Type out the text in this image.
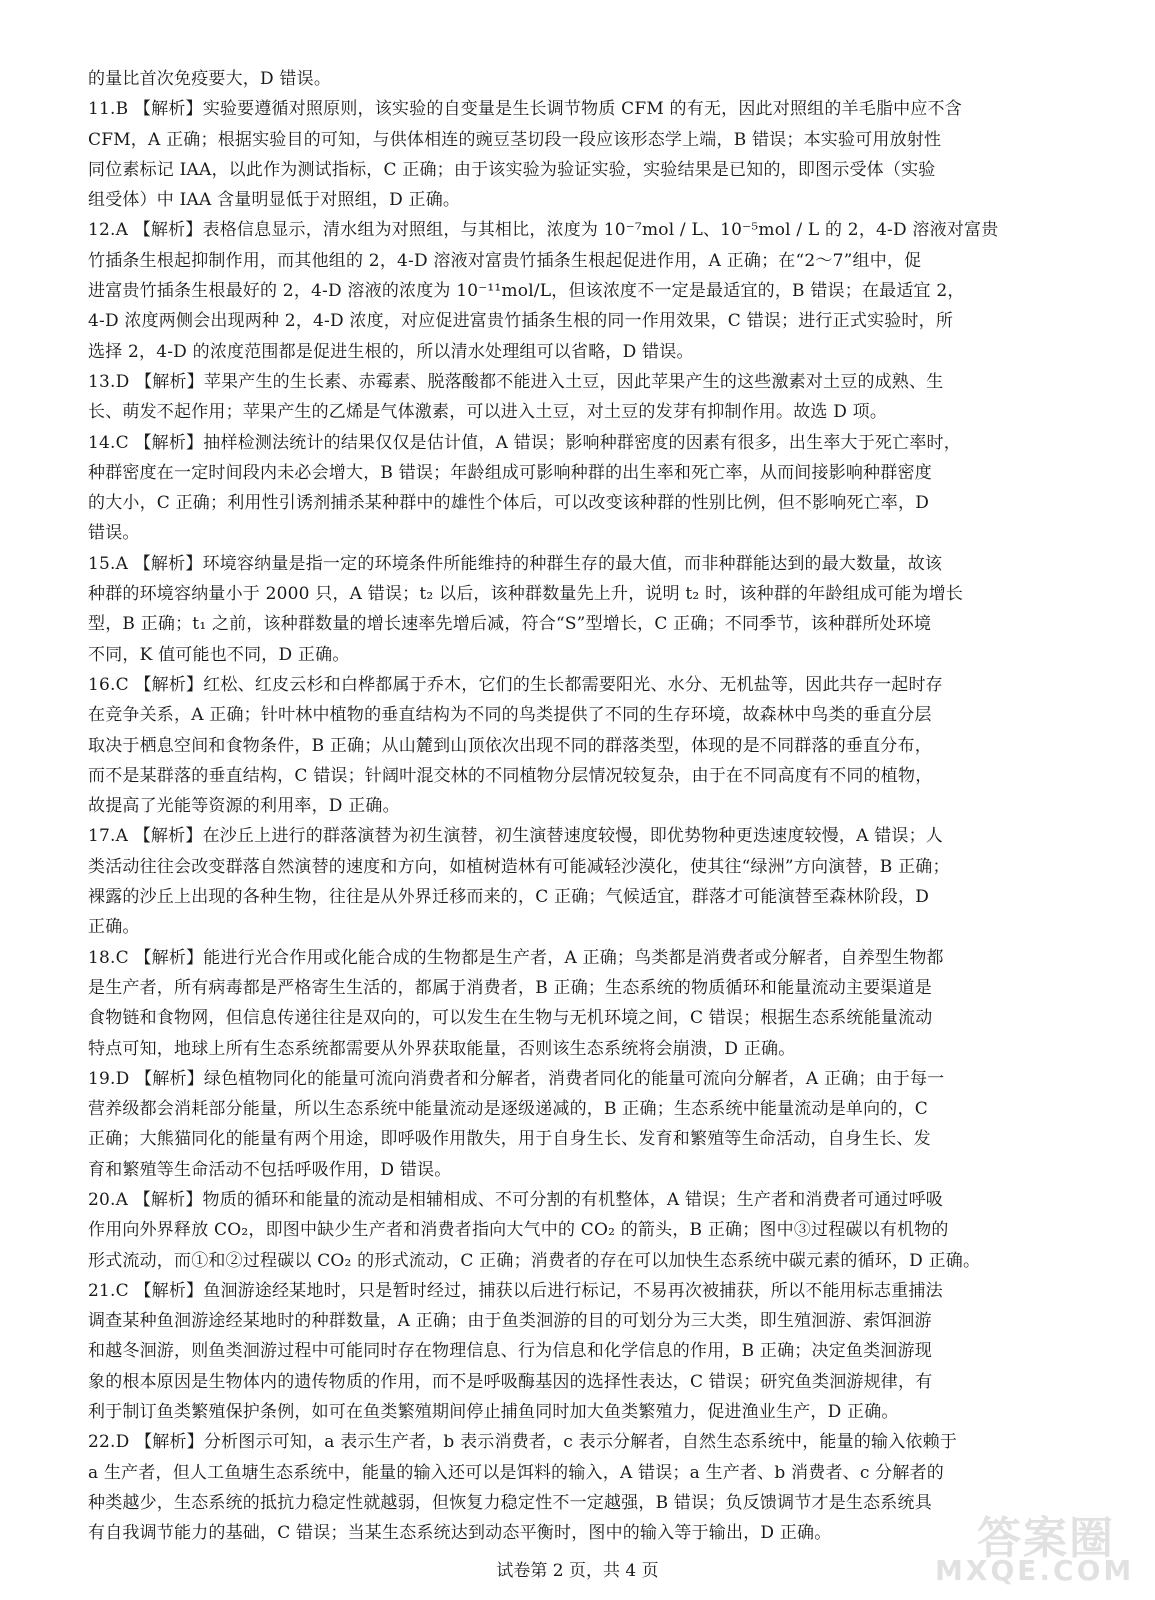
的量比首次免疫要大，D 错误。
11.B 【解析】实验要遵循对照原则，该实验的自变量是生长调节物质 CFM 的有无，因此对照组的羊毛脂中应不含
CFM，A 正确；根据实验目的可知，与供体相连的豌豆茎切段一段应该形态学上端，B 错误；本实验可用放射性
同位素标记 IAA，以此作为测试指标，C 正确；由于该实验为验证实验，实验结果是已知的，即图示受体（实验
组受体）中 IAA 含量明显低于对照组，D 正确。
12.A 【解析】表格信息显示，清水组为对照组，与其相比，浓度为 10⁻⁷mol / L、10⁻⁵mol / L 的 2，4-D 溶液对富贵
竹插条生根起抑制作用，而其他组的 2，4-D 溶液对富贵竹插条生根起促进作用，A 正确；在“2～7”组中，促
进富贵竹插条生根最好的 2，4-D 溶液的浓度为 10⁻¹¹mol/L，但该浓度不一定是最适宜的，B 错误；在最适宜 2，
4-D 浓度两侧会出现两种 2，4-D 浓度，对应促进富贵竹插条生根的同一作用效果，C 错误；进行正式实验时，所
选择 2，4-D 的浓度范围都是促进生根的，所以清水处理组可以省略，D 错误。
13.D 【解析】苹果产生的生长素、赤霉素、脱落酸都不能进入土豆，因此苹果产生的这些激素对土豆的成熟、生
长、萌发不起作用；苹果产生的乙烯是气体激素，可以进入土豆，对土豆的发芽有抑制作用。故选 D 项。
14.C 【解析】抽样检测法统计的结果仅仅是估计值，A 错误；影响种群密度的因素有很多，出生率大于死亡率时，
种群密度在一定时间段内未必会增大，B 错误；年龄组成可影响种群的出生率和死亡率，从而间接影响种群密度
的大小，C 正确；利用性引诱剂捕杀某种群中的雄性个体后，可以改变该种群的性别比例，但不影响死亡率，D
错误。
15.A 【解析】环境容纳量是指一定的环境条件所能维持的种群生存的最大值，而非种群能达到的最大数量，故该
种群的环境容纳量小于 2000 只，A 错误；t₂ 以后，该种群数量先上升，说明 t₂ 时，该种群的年龄组成可能为增长
型，B 正确；t₁ 之前，该种群数量的增长速率先增后减，符合“S”型增长，C 正确；不同季节，该种群所处环境
不同，K 值可能也不同，D 正确。
16.C 【解析】红松、红皮云杉和白桦都属于乔木，它们的生长都需要阳光、水分、无机盐等，因此共存一起时存
在竞争关系，A 正确；针叶林中植物的垂直结构为不同的鸟类提供了不同的生存环境，故森林中鸟类的垂直分层
取决于栖息空间和食物条件，B 正确；从山麓到山顶依次出现不同的群落类型，体现的是不同群落的垂直分布，
而不是某群落的垂直结构，C 错误；针阔叶混交林的不同植物分层情况较复杂，由于在不同高度有不同的植物，
故提高了光能等资源的利用率，D 正确。
17.A 【解析】在沙丘上进行的群落演替为初生演替，初生演替速度较慢，即优势物种更迭速度较慢，A 错误；人
类活动往往会改变群落自然演替的速度和方向，如植树造林有可能减轻沙漠化，使其往“绿洲”方向演替，B 正确；
裸露的沙丘上出现的各种生物，往往是从外界迁移而来的，C 正确；气候适宜，群落才可能演替至森林阶段，D
正确。
18.C 【解析】能进行光合作用或化能合成的生物都是生产者，A 正确；鸟类都是消费者或分解者，自养型生物都
是生产者，所有病毒都是严格寄生生活的，都属于消费者，B 正确；生态系统的物质循环和能量流动主要渠道是
食物链和食物网，但信息传递往往是双向的，可以发生在生物与无机环境之间，C 错误；根据生态系统能量流动
特点可知，地球上所有生态系统都需要从外界获取能量，否则该生态系统将会崩溃，D 正确。
19.D 【解析】绿色植物同化的能量可流向消费者和分解者，消费者同化的能量可流向分解者，A 正确；由于每一
营养级都会消耗部分能量，所以生态系统中能量流动是逐级递减的，B 正确；生态系统中能量流动是单向的，C
正确；大熊猫同化的能量有两个用途，即呼吸作用散失，用于自身生长、发育和繁殖等生命活动，自身生长、发
育和繁殖等生命活动不包括呼吸作用，D 错误。
20.A 【解析】物质的循环和能量的流动是相辅相成、不可分割的有机整体，A 错误；生产者和消费者可通过呼吸
作用向外界释放 CO₂，即图中缺少生产者和消费者指向大气中的 CO₂ 的箭头，B 正确；图中③过程碳以有机物的
形式流动，而①和②过程碳以 CO₂ 的形式流动，C 正确；消费者的存在可以加快生态系统中碳元素的循环，D 正确。
21.C 【解析】鱼洄游途经某地时，只是暂时经过，捕获以后进行标记，不易再次被捕获，所以不能用标志重捕法
调查某种鱼洄游途经某地时的种群数量，A 正确；由于鱼类洄游的目的可划分为三大类，即生殖洄游、索饵洄游
和越冬洄游，则鱼类洄游过程中可能同时存在物理信息、行为信息和化学信息的作用，B 正确；决定鱼类洄游现
象的根本原因是生物体内的遗传物质的作用，而不是呼吸酶基因的选择性表达，C 错误；研究鱼类洄游规律，有
利于制订鱼类繁殖保护条例，如可在鱼类繁殖期间停止捕鱼同时加大鱼类繁殖力，促进渔业生产，D 正确。
22.D 【解析】分析图示可知，a 表示生产者，b 表示消费者，c 表示分解者，自然生态系统中，能量的输入依赖于
a 生产者，但人工鱼塘生态系统中，能量的输入还可以是饵料的输入，A 错误；a 生产者、b 消费者、c 分解者的
种类越少，生态系统的抵抗力稳定性就越弱，但恢复力稳定性不一定越强，B 错误；负反馈调节才是生态系统具
有自我调节能力的基础，C 错误；当某生态系统达到动态平衡时，图中的输入等于输出，D 正确。
试卷第 2 页，共 4 页
答案圈
MXQE.COM
